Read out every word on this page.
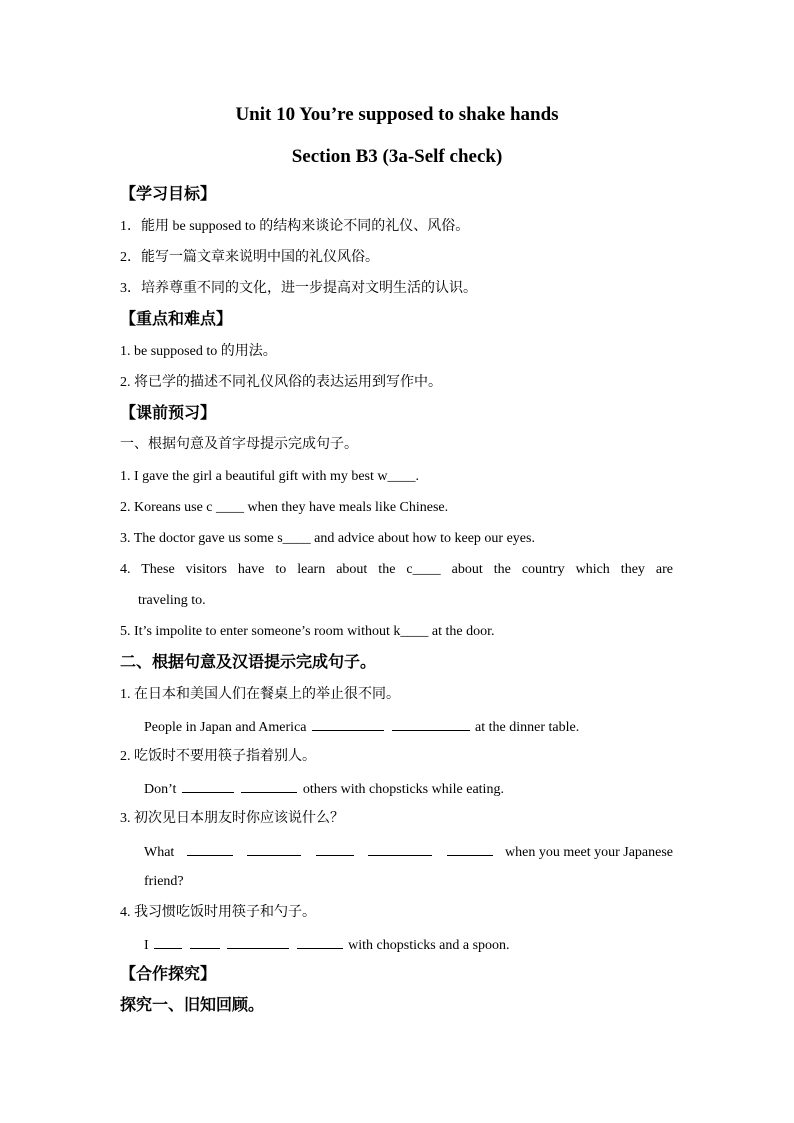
Unit 10 You’re supposed to shake hands
Section B3 (3a-Self check)
【学习目标】
1．能用 be supposed to 的结构来谈论不同的礼仪、风俗。
2．能写一篇文章来说明中国的礼仪风俗。
3．培养尊重不同的文化，进一步提高对文明生活的认识。
【重点和难点】
1. be supposed to 的用法。
2. 将已学的描述不同礼仪风俗的表达运用到写作中。
【课前预习】
一、根据句意及首字母提示完成句子。
1. I gave the girl a beautiful gift with my best w____.
2. Koreans use c ____ when they have meals like Chinese.
3. The doctor gave us some s____ and advice about how to keep our eyes.
4. These visitors have to learn about the c____ about the country which they are
traveling to.
5. It’s impolite to enter someone’s room without k____ at the door.
二、根据句意及汉语提示完成句子。
1. 在日本和美国人们在餐桌上的举止很不同。
People in Japan and America	at the dinner table.
2. 吃饭时不要用筷子指着别人。
Don’t	others with chopsticks while eating.
3. 初次见日本朋友时你应该说什么？
What	when you meet your Japanese
friend?
4. 我习惯吃饭时用筷子和勺子。
I	with chopsticks and a spoon.
【合作探究】
探究一、旧知回顾。
